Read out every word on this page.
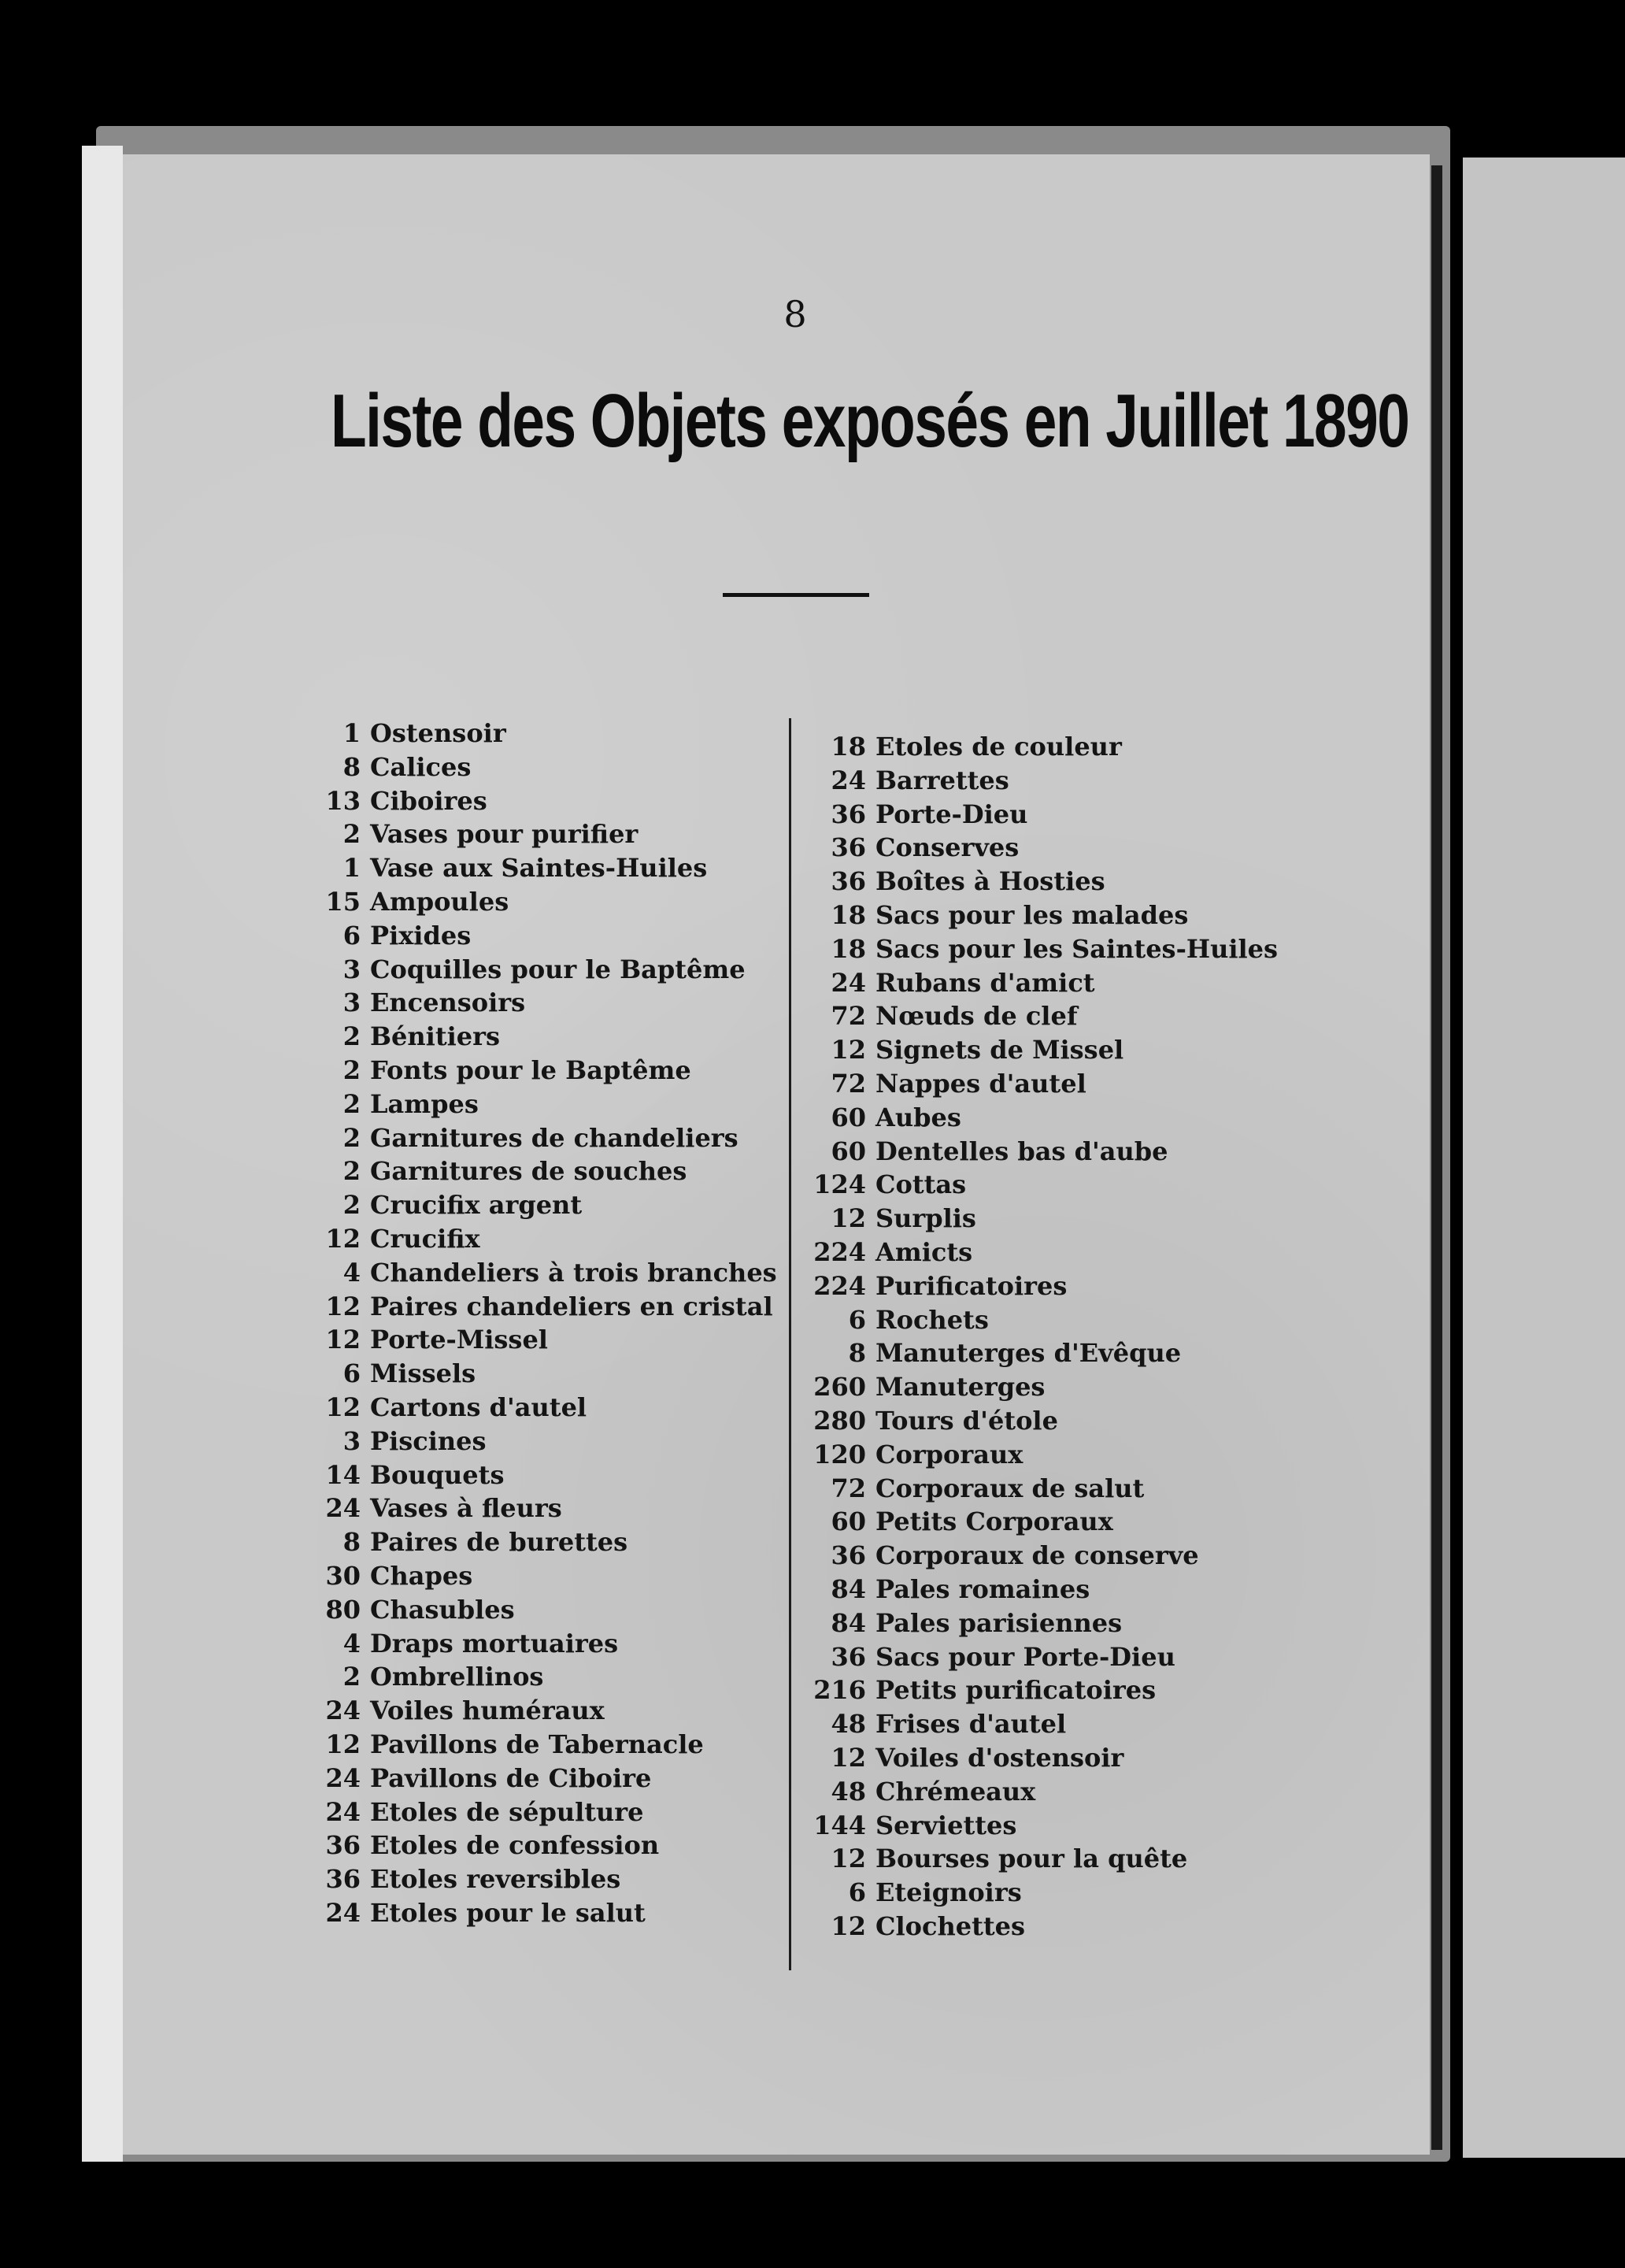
8
Liste des Objets exposés en Juillet 1890
1 Ostensoir
8 Calices
13 Ciboires
2 Vases pour purifier
1 Vase aux Saintes-Huiles
15 Ampoules
6 Pixides
3 Coquilles pour le Baptême
3 Encensoirs
2 Bénitiers
2 Fonts pour le Baptême
2 Lampes
2 Garnitures de chandeliers
2 Garnitures de souches
2 Crucifix argent
12 Crucifix
4 Chandeliers à trois branches
12 Paires chandeliers en cristal
12 Porte-Missel
6 Missels
12 Cartons d'autel
3 Piscines
14 Bouquets
24 Vases à fleurs
8 Paires de burettes
30 Chapes
80 Chasubles
4 Draps mortuaires
2 Ombrellinos
24 Voiles huméraux
12 Pavillons de Tabernacle
24 Pavillons de Ciboire
24 Etoles de sépulture
36 Etoles de confession
36 Etoles reversibles
24 Etoles pour le salut
18 Etoles de couleur
24 Barrettes
36 Porte-Dieu
36 Conserves
36 Boîtes à Hosties
18 Sacs pour les malades
18 Sacs pour les Saintes-Huiles
24 Rubans d'amict
72 Nœuds de clef
12 Signets de Missel
72 Nappes d'autel
60 Aubes
60 Dentelles bas d'aube
124 Cottas
12 Surplis
224 Amicts
224 Purificatoires
6 Rochets
8 Manuterges d'Evêque
260 Manuterges
280 Tours d'étole
120 Corporaux
72 Corporaux de salut
60 Petits Corporaux
36 Corporaux de conserve
84 Pales romaines
84 Pales parisiennes
36 Sacs pour Porte-Dieu
216 Petits purificatoires
48 Frises d'autel
12 Voiles d'ostensoir
48 Chrémeaux
144 Serviettes
12 Bourses pour la quête
6 Eteignoirs
12 Clochettes
